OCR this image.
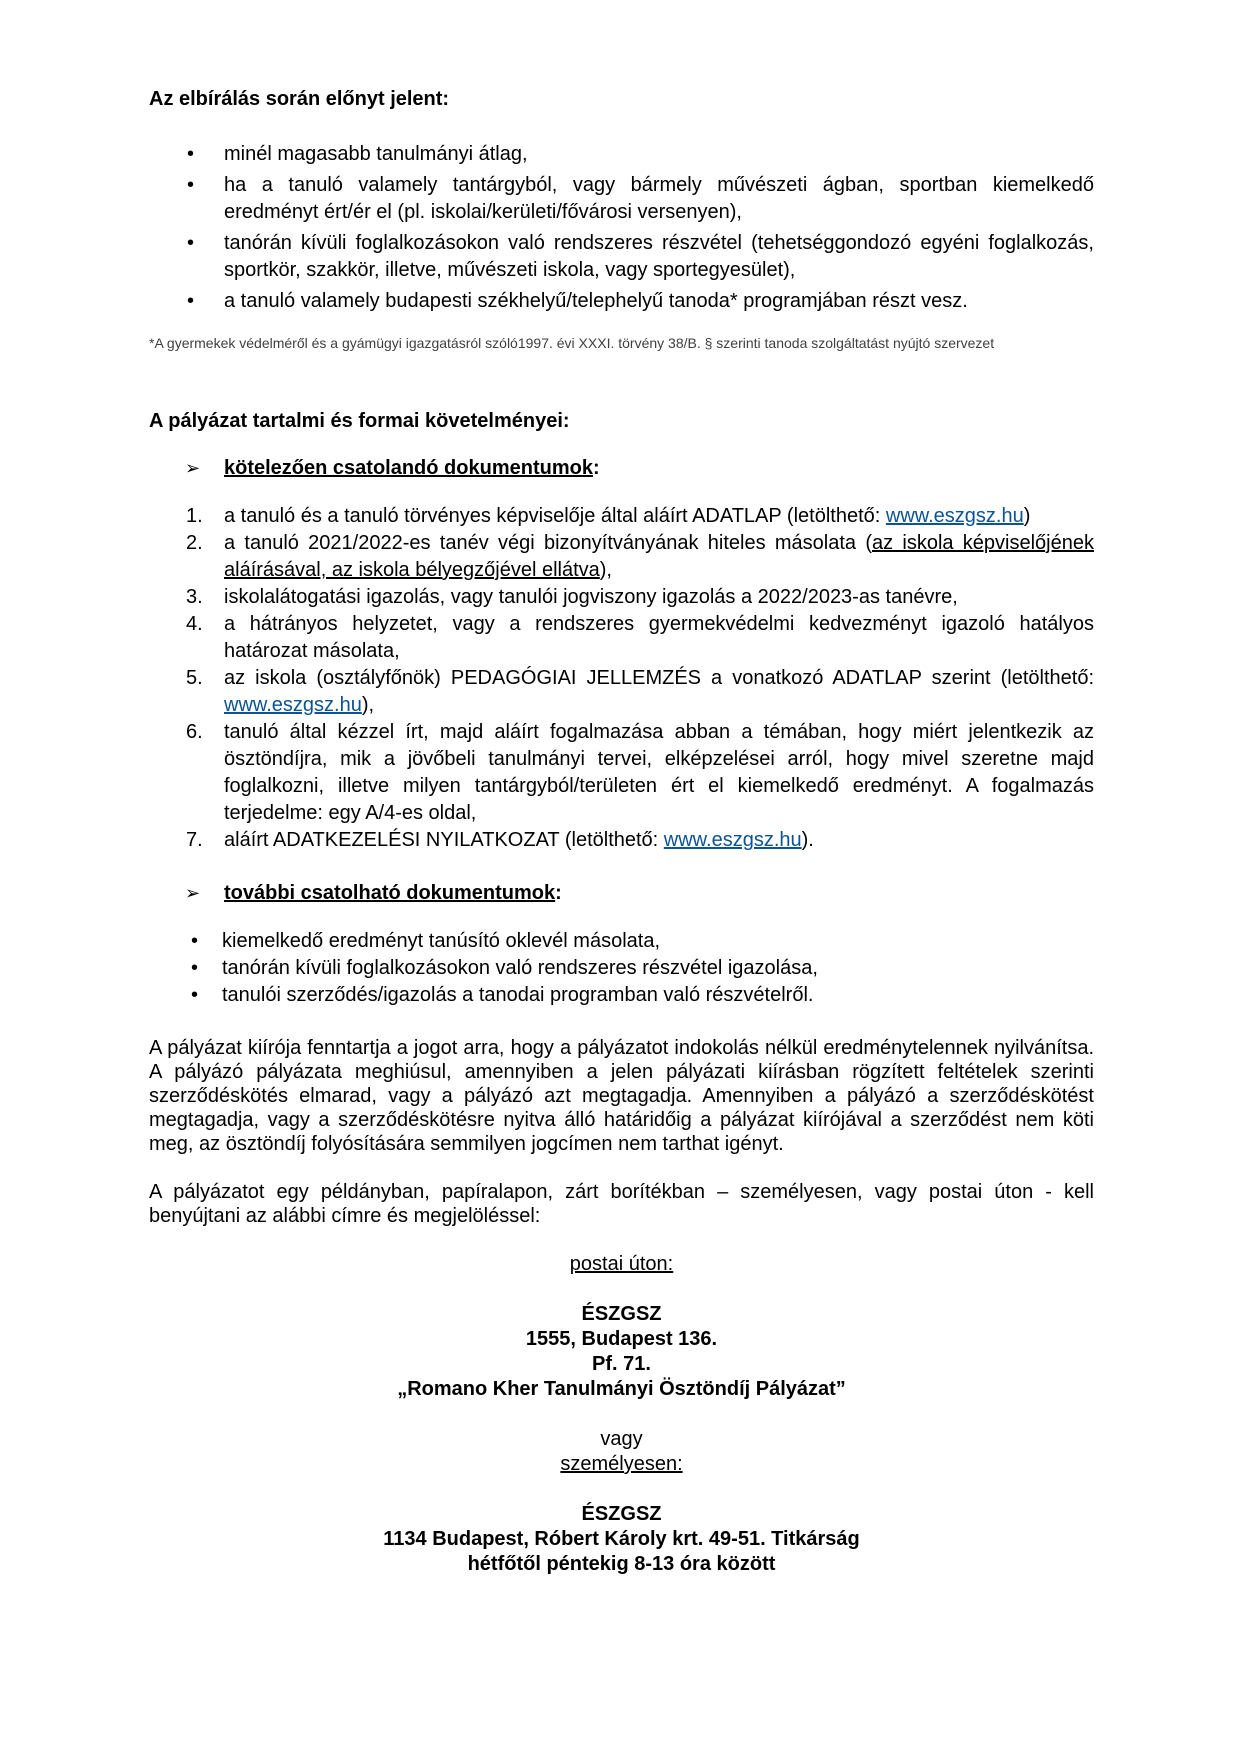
Az elbírálás során előnyt jelent:

• minél magasabb tanulmányi átlag,
• ha a tanuló valamely tantárgyból, vagy bármely művészeti ágban, sportban kiemelkedő eredményt ért/ér el (pl. iskolai/kerületi/fővárosi versenyen),
• tanórán kívüli foglalkozásokon való rendszeres részvétel (tehetséggondozó egyéni foglalkozás, sportkör, szakkör, illetve, művészeti iskola, vagy sportegyesület),
• a tanuló valamely budapesti székhelyű/telephelyű tanoda* programjában részt vesz.

*A gyermekek védelméről és a gyámügyi igazgatásról szóló1997. évi XXXI. törvény 38/B. § szerinti tanoda szolgáltatást nyújtó szervezet

A pályázat tartalmi és formai követelményei:

➢ kötelezően csatolandó dokumentumok:
1. a tanuló és a tanuló törvényes képviselője által aláírt ADATLAP (letölthető: www.eszgsz.hu)
2. a tanuló 2021/2022-es tanév végi bizonyítványának hiteles másolata (az iskola képviselőjének aláírásával, az iskola bélyegzőjével ellátva),
3. iskolalátogatási igazolás, vagy tanulói jogviszony igazolás a 2022/2023-as tanévre,
4. a hátrányos helyzetet, vagy a rendszeres gyermekvédelmi kedvezményt igazoló hatályos határozat másolata,
5. az iskola (osztályfőnök) PEDAGÓGIAI JELLEMZÉS a vonatkozó ADATLAP szerint (letölthető: www.eszgsz.hu),
6. tanuló által kézzel írt, majd aláírt fogalmazása abban a témában, hogy miért jelentkezik az ösztöndíjra, mik a jövőbeli tanulmányi tervei, elképzelései arról, hogy mivel szeretne majd foglalkozni, illetve milyen tantárgyból/területen ért el kiemelkedő eredményt. A fogalmazás terjedelme: egy A/4-es oldal,
7. aláírt ADATKEZELÉSI NYILATKOZAT (letölthető: www.eszgsz.hu).
➢ további csatolható dokumentumok:
• kiemelkedő eredményt tanúsító oklevél másolata,
• tanórán kívüli foglalkozásokon való rendszeres részvétel igazolása,
• tanulói szerződés/igazolás a tanodai programban való részvételről.

A pályázat kiírója fenntartja a jogot arra, hogy a pályázatot indokolás nélkül eredménytelennek nyilvánítsa. A pályázó pályázata meghiúsul, amennyiben a jelen pályázati kiírásban rögzített feltételek szerinti szerződéskötés elmarad, vagy a pályázó azt megtagadja. Amennyiben a pályázó a szerződéskötést megtagadja, vagy a szerződéskötésre nyitva álló határidőig a pályázat kiírójával a szerződést nem köti meg, az ösztöndíj folyósítására semmilyen jogcímen nem tarthat igényt.

A pályázatot egy példányban, papíralapon, zárt borítékban – személyesen, vagy postai úton - kell benyújtani az alábbi címre és megjelöléssel:

postai úton:
ÉSZGSZ
1555, Budapest 136.
Pf. 71.
„Romano Kher Tanulmányi Ösztöndíj Pályázat”
vagy
személyesen:
ÉSZGSZ
1134 Budapest, Róbert Károly krt. 49-51. Titkárság
hétfőtől péntekig 8-13 óra között
